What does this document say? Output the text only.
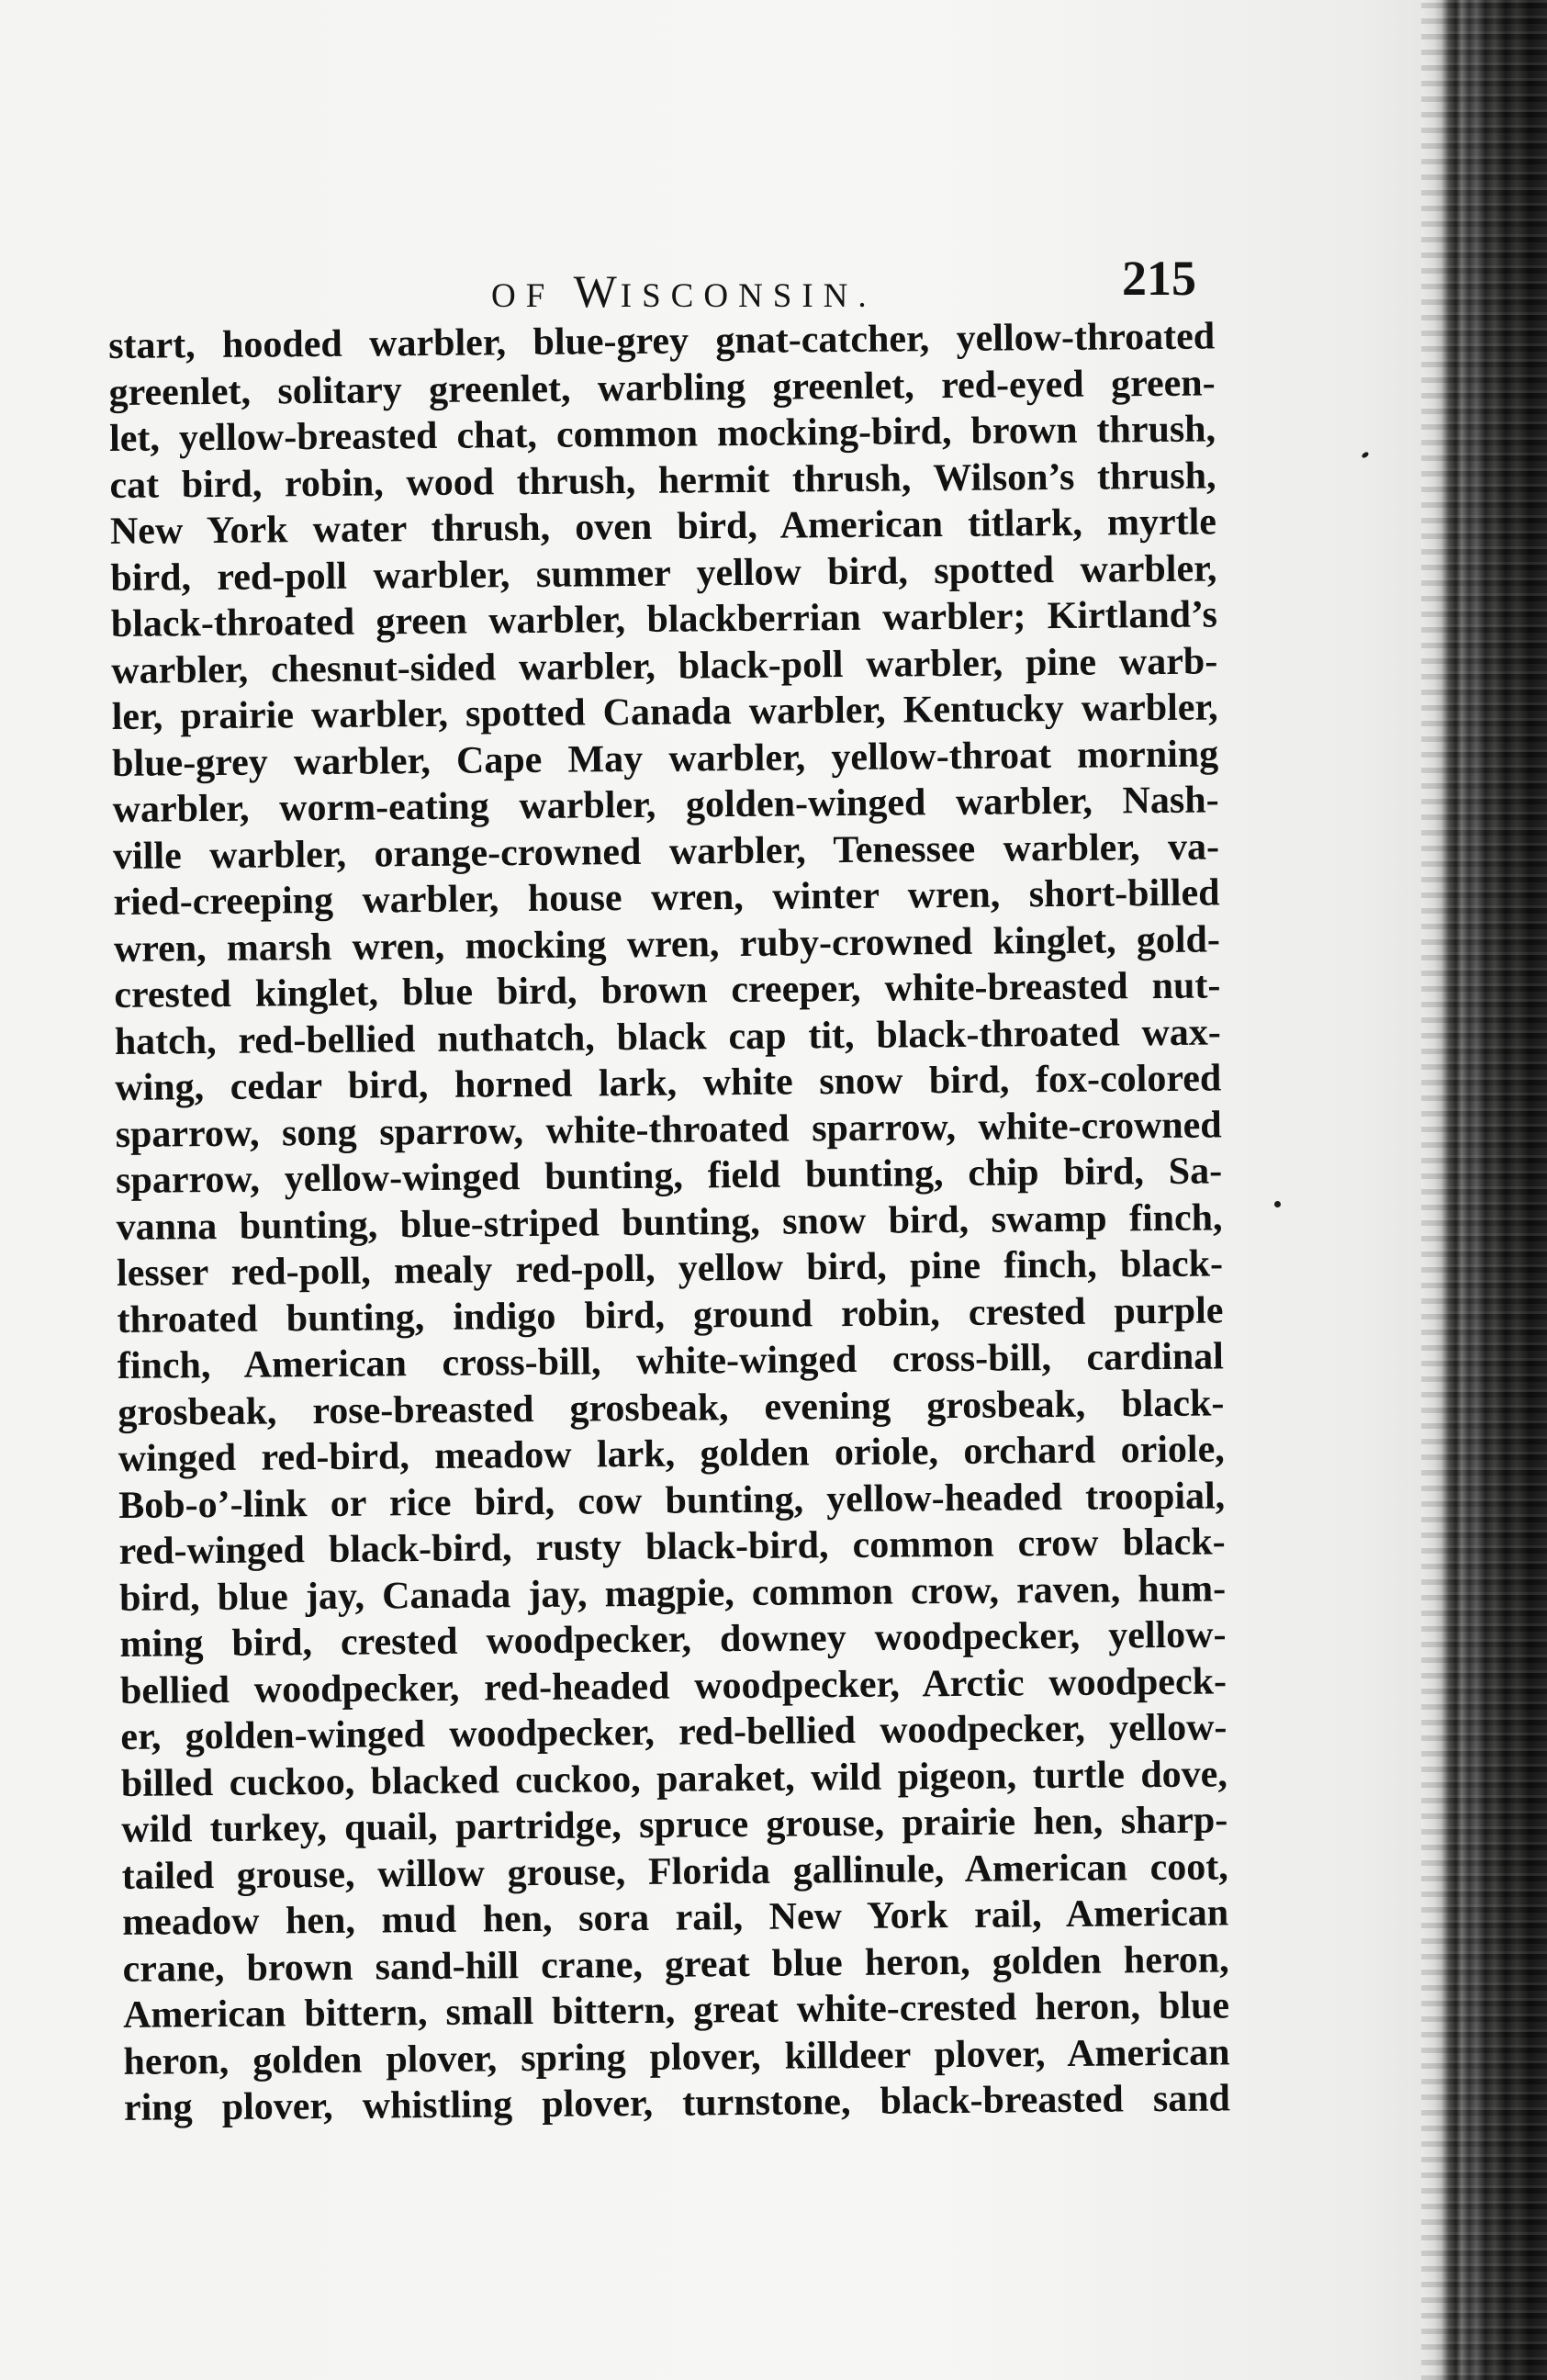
OF WISCONSIN.	215
start, hooded warbler, blue-grey gnat-catcher, yellow-throated
greenlet, solitary greenlet, warbling greenlet, red-eyed green-
let, yellow-breasted chat, common mocking-bird, brown thrush,
cat bird, robin, wood thrush, hermit thrush, Wilson’s thrush,
New York water thrush, oven bird, American titlark, myrtle
bird, red-poll warbler, summer yellow bird, spotted warbler,
black-throated green warbler, blackberrian warbler; Kirtland’s
warbler, chesnut-sided warbler, black-poll warbler, pine warb-
ler, prairie warbler, spotted Canada warbler, Kentucky warbler,
blue-grey warbler, Cape May warbler, yellow-throat morning
warbler, worm-eating warbler, golden-winged warbler, Nash-
ville warbler, orange-crowned warbler, Tenessee warbler, va-
ried-creeping warbler, house wren, winter wren, short-billed
wren, marsh wren, mocking wren, ruby-crowned kinglet, gold-
crested kinglet, blue bird, brown creeper, white-breasted nut-
hatch, red-bellied nuthatch, black cap tit, black-throated wax-
wing, cedar bird, horned lark, white snow bird, fox-colored
sparrow, song sparrow, white-throated sparrow, white-crowned
sparrow, yellow-winged bunting, field bunting, chip bird, Sa-
vanna bunting, blue-striped bunting, snow bird, swamp finch,
lesser red-poll, mealy red-poll, yellow bird, pine finch, black-
throated bunting, indigo bird, ground robin, crested purple
finch, American cross-bill, white-winged cross-bill, cardinal
grosbeak, rose-breasted grosbeak, evening grosbeak, black-
winged red-bird, meadow lark, golden oriole, orchard oriole,
Bob-o’-link or rice bird, cow bunting, yellow-headed troopial,
red-winged black-bird, rusty black-bird, common crow black-
bird, blue jay, Canada jay, magpie, common crow, raven, hum-
ming bird, crested woodpecker, downey woodpecker, yellow-
bellied woodpecker, red-headed woodpecker, Arctic woodpeck-
er, golden-winged woodpecker, red-bellied woodpecker, yellow-
billed cuckoo, blacked cuckoo, paraket, wild pigeon, turtle dove,
wild turkey, quail, partridge, spruce grouse, prairie hen, sharp-
tailed grouse, willow grouse, Florida gallinule, American coot,
meadow hen, mud hen, sora rail, New York rail, American
crane, brown sand-hill crane, great blue heron, golden heron,
American bittern, small bittern, great white-crested heron, blue
heron, golden plover, spring plover, killdeer plover, American
ring plover, whistling plover, turnstone, black-breasted sand
